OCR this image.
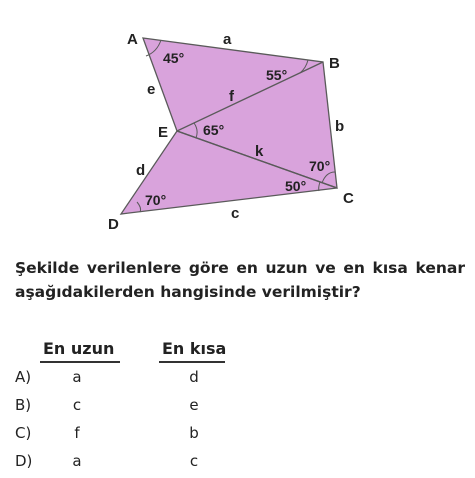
A
B
C
D
E
a
b
c
d
e	f
k
45°
55°
65°
70°
50°
70°
Şekilde verilenlere göre en uzun ve en kısa kenar aşağıdakilerden hangisinde verilmiştir?
En uzun	En kısa
A)	a	d
B)	c	e
C)	f	b
D)	a	c
